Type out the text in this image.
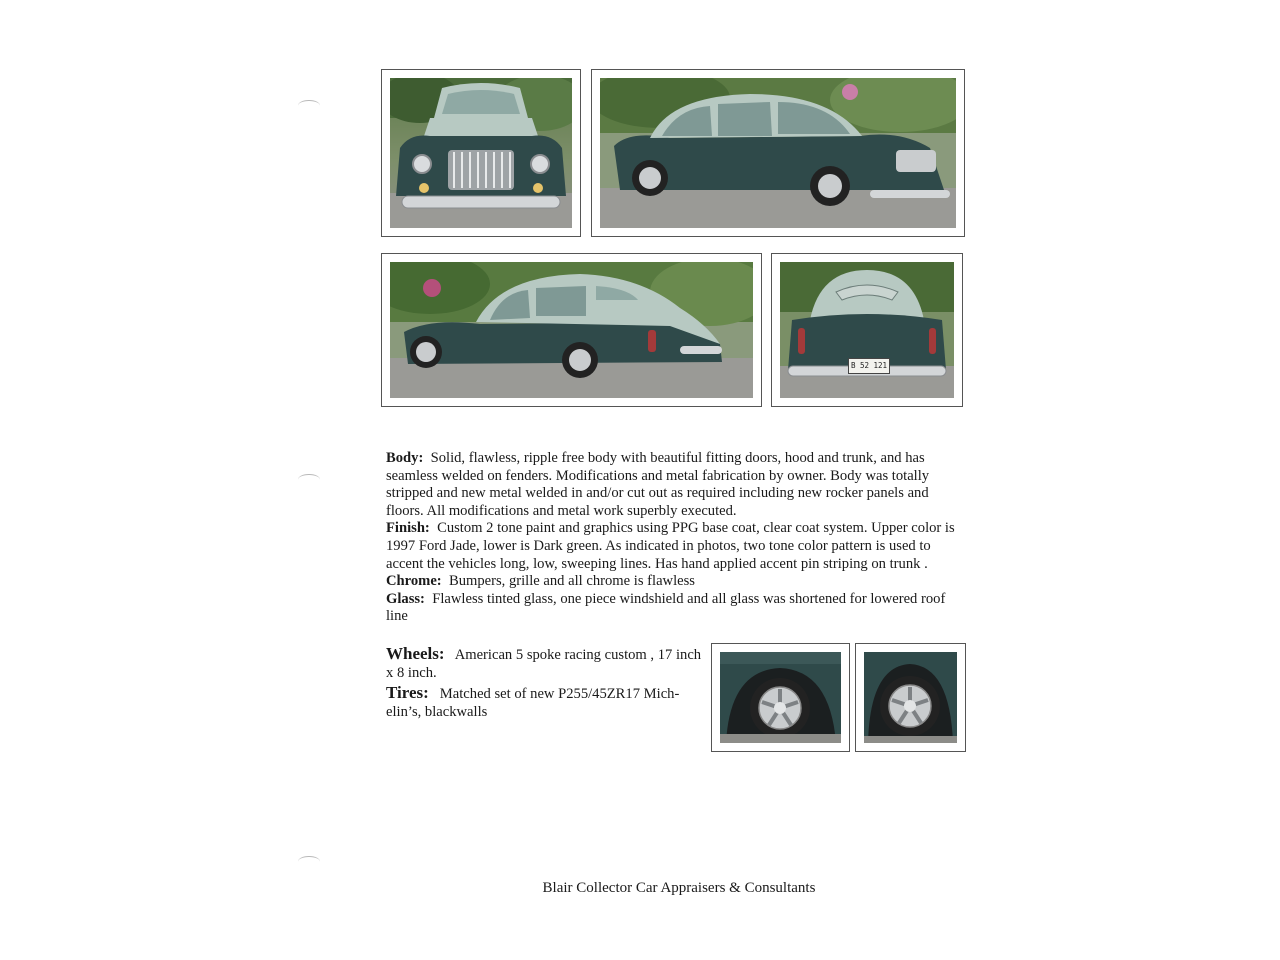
B 52 121

Body: Solid, flawless, ripple free body with beautiful fitting doors, hood and trunk, and has seamless welded on fenders. Modifications and metal fabrication by owner. Body was totally stripped and new metal welded in and/or cut out as required including new rocker panels and floors. All modifications and metal work superbly executed.

Finish: Custom 2 tone paint and graphics using PPG base coat, clear coat system. Upper color is 1997 Ford Jade, lower is Dark green. As indicated in photos, two tone color pattern is used to accent the vehicles long, low, sweeping lines. Has hand applied accent pin striping on trunk .

Chrome: Bumpers, grille and all chrome is flawless

Glass: Flawless tinted glass, one piece windshield and all glass was shortened for lowered roof line

Wheels: American 5 spoke racing custom , 17 inch x 8 inch.

Tires: Matched set of new P255/45ZR17 Mich-elin’s, blackwalls

Blair Collector Car Appraisers & Consultants
